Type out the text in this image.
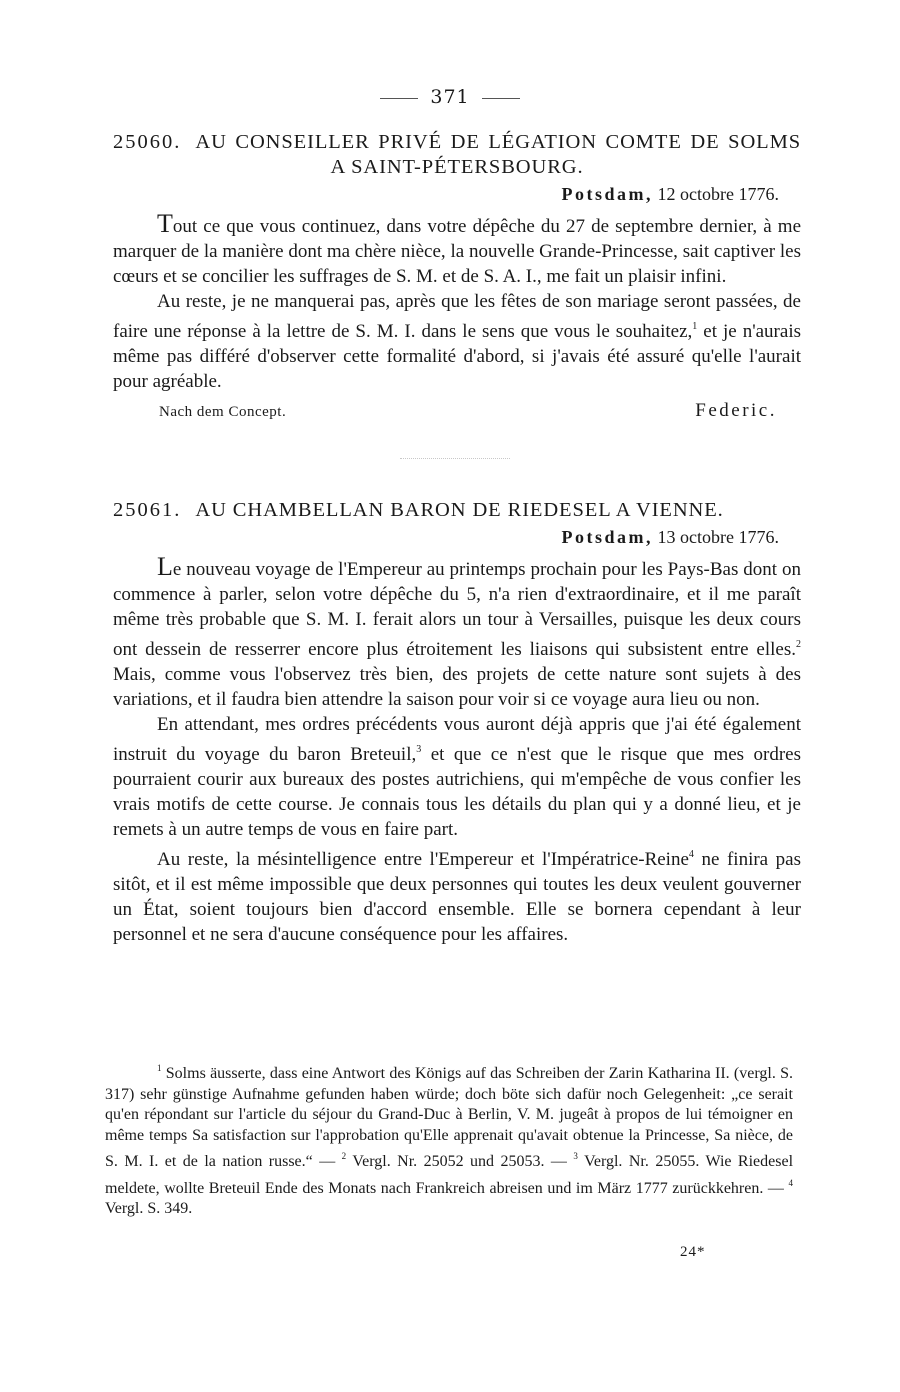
371
25060. AU CONSEILLER PRIVÉ DE LÉGATION COMTE DE SOLMS A SAINT-PÉTERSBOURG.
Potsdam, 12 octobre 1776.

Tout ce que vous continuez, dans votre dépêche du 27 de septembre dernier, à me marquer de la manière dont ma chère nièce, la nouvelle Grande-Princesse, sait captiver les cœurs et se concilier les suffrages de S. M. et de S. A. I., me fait un plaisir infini.

Au reste, je ne manquerai pas, après que les fêtes de son mariage seront passées, de faire une réponse à la lettre de S. M. I. dans le sens que vous le souhaitez,$^1$ et je n'aurais même pas différé d'observer cette formalité d'abord, si j'avais été assuré qu'elle l'aurait pour agréable.

Nach dem Concept.	Federic.
25061. AU CHAMBELLAN BARON DE RIEDESEL A VIENNE.
Potsdam, 13 octobre 1776.

Le nouveau voyage de l'Empereur au printemps prochain pour les Pays-Bas dont on commence à parler, selon votre dépêche du 5, n'a rien d'extraordinaire, et il me paraît même très probable que S. M. I. ferait alors un tour à Versailles, puisque les deux cours ont dessein de resserrer encore plus étroitement les liaisons qui subsistent entre elles.$^2$ Mais, comme vous l'observez très bien, des projets de cette nature sont sujets à des variations, et il faudra bien attendre la saison pour voir si ce voyage aura lieu ou non.

En attendant, mes ordres précédents vous auront déjà appris que j'ai été également instruit du voyage du baron Breteuil,$^3$ et que ce n'est que le risque que mes ordres pourraient courir aux bureaux des postes autrichiens, qui m'empêche de vous confier les vrais motifs de cette course. Je connais tous les détails du plan qui y a donné lieu, et je remets à un autre temps de vous en faire part.

Au reste, la mésintelligence entre l'Empereur et l'Impératrice-Reine$^4$ ne finira pas sitôt, et il est même impossible que deux personnes qui toutes les deux veulent gouverner un État, soient toujours bien d'accord ensemble. Elle se bornera cependant à leur personnel et ne sera d'aucune conséquence pour les affaires.

$^1$ Solms äusserte, dass eine Antwort des Königs auf das Schreiben der Zarin Katharina II. (vergl. S. 317) sehr günstige Aufnahme gefunden haben würde; doch böte sich dafür noch Gelegenheit: „ce serait qu'en répondant sur l'article du séjour du Grand-Duc à Berlin, V. M. jugeât à propos de lui témoigner en même temps Sa satisfaction sur l'approbation qu'Elle apprenait qu'avait obtenue la Princesse, Sa nièce, de S. M. I. et de la nation russe.“ — $^2$ Vergl. Nr. 25052 und 25053. — $^3$ Vergl. Nr. 25055. Wie Riedesel meldete, wollte Breteuil Ende des Monats nach Frankreich abreisen und im März 1777 zurückkehren. — $^4$ Vergl. S. 349.

24*
